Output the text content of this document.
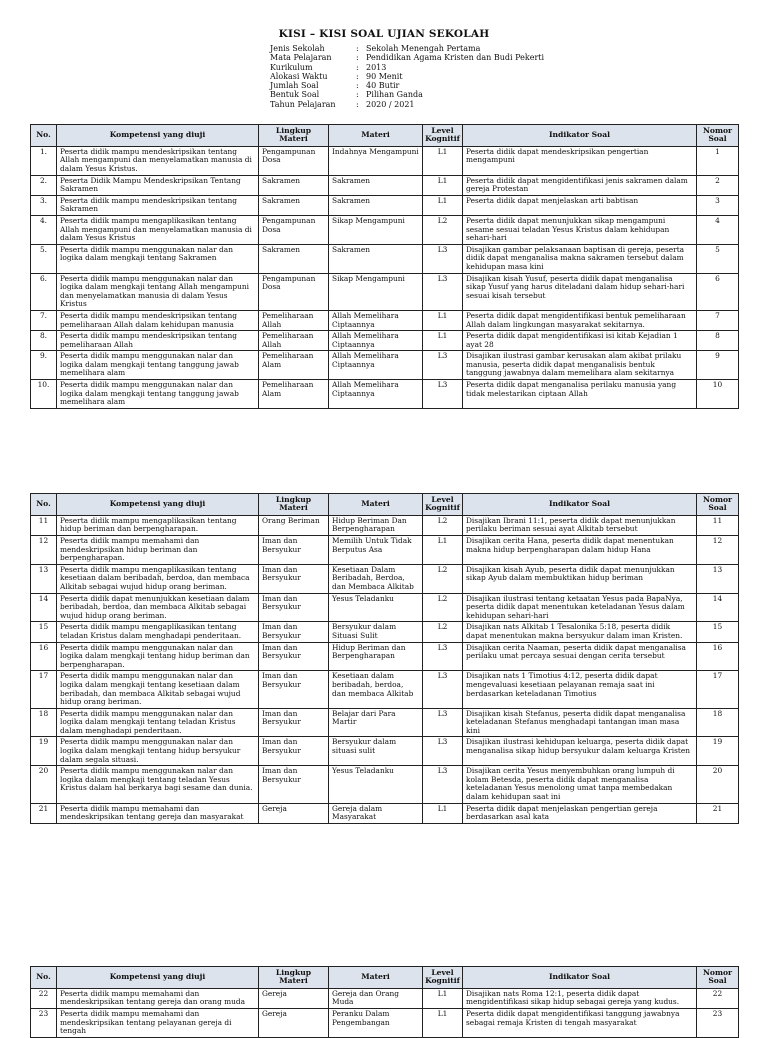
KISI – KISI SOAL UJIAN SEKOLAH
Jenis Sekolah	: Sekolah Menengah Pertama
Mata Pelajaran	: Pendidikan Agama Kristen dan Budi Pekerti
Kurikulum	: 2013
Alokasi Waktu	: 90 Menit
Jumlah Soal	: 40 Butir
Bentuk Soal	: Pilihan Ganda
Tahun Pelajaran	: 2020 / 2021
No.	Kompetensi yang diuji	Lingkup Materi	Materi	Level Kognitif	Indikator Soal	Nomor Soal
1.	Peserta didik mampu mendeskripsikan tentang Allah mengampuni dan menyelamatkan manusia di dalam Yesus Kristus.	Pengampunan Dosa	Indahnya Mengampuni	L1	Peserta didik dapat mendeskripsikan pengertian mengampuni	1
2.	Peserta Didik Mampu Mendeskripsikan Tentang Sakramen	Sakramen	Sakramen	L1	Peserta didik dapat mengidentifikasi jenis sakramen dalam gereja Protestan	2
3.	Peserta didik mampu mendeskripsikan tentang Sakramen	Sakramen	Sakramen	L1	Peserta didik dapat menjelaskan arti babtisan	3
4.	Peserta didik mampu mengaplikasikan tentang Allah mengampuni dan menyelamatkan manusia di dalam Yesus Kristus	Pengampunan Dosa	Sikap Mengampuni	L2	Peserta didik dapat menunjukkan sikap mengampuni sesame sesuai teladan Yesus Kristus dalam kehidupan sehari-hari	4
5.	Peserta didik mampu menggunakan nalar dan logika dalam mengkaji tentang Sakramen	Sakramen	Sakramen	L3	Disajikan gambar pelaksanaan baptisan di gereja, peserta didik dapat menganalisa makna sakramen tersebut dalam kehidupan masa kini	5
6.	Peserta didik mampu menggunakan nalar dan logika dalam mengkaji tentang Allah mengampuni dan menyelamatkan manusia di dalam Yesus Kristus	Pengampunan Dosa	Sikap Mengampuni	L3	Disajikan kisah Yusuf, peserta didik dapat menganalisa sikap Yusuf yang harus diteladani dalam hidup sehari-hari sesuai kisah tersebut	6
7.	Peserta didik mampu mendeskripsikan tentang pemeliharaan Allah dalam kehidupan manusia	Pemeliharaan Allah	Allah Memelihara Ciptaannya	L1	Peserta didik dapat mengidentifikasi bentuk pemeliharaan Allah dalam lingkungan masyarakat sekitarnya.	7
8.	Peserta didik mampu mendeskripsikan tentang pemeliharaan Allah	Pemeliharaan Allah	Allah Memelihara Ciptaannya	L1	Peserta didik dapat mengidentifikasi isi kitab Kejadian 1 ayat 28	8
9.	Peserta didik mampu menggunakan nalar dan logika dalam mengkaji tentang tanggung jawab memelihara alam	Pemeliharaan Alam	Allah Memelihara Ciptaannya	L3	Disajikan ilustrasi gambar kerusakan alam akibat prilaku manusia, peserta didik dapat menganalisis bentuk tanggung jawabnya dalam memelihara alam sekitarnya	9
10.	Peserta didik mampu menggunakan nalar dan logika dalam mengkaji tentang tanggung jawab memelihara alam	Pemeliharaan Alam	Allah Memelihara Ciptaannya	L3	Peserta didik dapat menganalisa perilaku manusia yang tidak melestarikan ciptaan Allah	10
No.	Kompetensi yang diuji	Lingkup Materi	Materi	Level Kognitif	Indikator Soal	Nomor Soal
11	Peserta didik mampu mengaplikasikan tentang hidup beriman dan berpengharapan.	Orang Beriman	Hidup Beriman Dan Berpengharapan	L2	Disajikan Ibrani 11:1, peserta didik dapat menunjukkan perilaku beriman sesuai ayat Alkitab tersebut	11
12	Peserta didik mampu memahami dan mendeskripsikan hidup beriman dan berpengharapan.	Iman dan Bersyukur	Memilih Untuk Tidak Berputus Asa	L1	Disajikan cerita Hana, peserta didik dapat menentukan makna hidup berpengharapan dalam hidup Hana	12
13	Peserta didik mampu mengaplikasikan tentang kesetiaan dalam beribadah, berdoa, dan membaca Alkitab sebagai wujud hidup orang beriman.	Iman dan Bersyukur	Kesetiaan Dalam Beribadah, Berdoa, dan Membaca Alkitab	L2	Disajikan kisah Ayub, peserta didik dapat menunjukkan sikap Ayub dalam membuktikan hidup beriman	13
14	Peserta didik dapat menunjukkan kesetiaan dalam beribadah, berdoa, dan membaca Alkitab sebagai wujud hidup orang beriman.	Iman dan Bersyukur	Yesus Teladanku	L2	Disajikan ilustrasi tentang ketaatan Yesus pada BapaNya, peserta didik dapat menentukan keteladanan Yesus dalam kehidupan sehari-hari	14
15	Peserta didik mampu mengaplikasikan tentang teladan Kristus dalam menghadapi penderitaan.	Iman dan Bersyukur	Bersyukur dalam Situasi Sulit	L2	Disajikan nats Alkitab 1 Tesalonika 5:18, peserta didik dapat menentukan makna bersyukur dalam iman Kristen.	15
16	Peserta didik mampu menggunakan nalar dan logika dalam mengkaji tentang hidup beriman dan berpengharapan.	Iman dan Bersyukur	Hidup Beriman dan Berpengharapan	L3	Disajikan cerita Naaman, peserta didik dapat menganalisa perilaku umat percaya sesuai dengan cerita tersebut	16
17	Peserta didik mampu menggunakan nalar dan logika dalam mengkaji tentang kesetiaan dalam beribadah, dan membaca Alkitab sebagai wujud hidup orang beriman.	Iman dan Bersyukur	Kesetiaan dalam beribadah, berdoa, dan membaca Alkitab	L3	Disajikan nats 1 Timotius 4:12, peserta didik dapat mengevaluasi kesetiaan pelayanan remaja saat ini berdasarkan keteladanan Timotius	17
18	Peserta didik mampu menggunakan nalar dan logika dalam mengkaji tentang teladan Kristus dalam menghadapi penderitaan.	Iman dan Bersyukur	Belajar dari Para Martir	L3	Disajikan kisah Stefanus, peserta didik dapat menganalisa keteladanan Stefanus menghadapi tantangan iman masa kini	18
19	Peserta didik mampu menggunakan nalar dan logika dalam mengkaji tentang hidup bersyukur dalam segala situasi.	Iman dan Bersyukur	Bersyukur dalam situasi sulit	L3	Disajikan ilustrasi kehidupan keluarga, peserta didik dapat menganalisa sikap hidup bersyukur dalam keluarga Kristen	19
20	Peserta didik mampu menggunakan nalar dan logika dalam mengkaji tentang teladan Yesus Kristus dalam hal berkarya bagi sesame dan dunia.	Iman dan Bersyukur	Yesus Teladanku	L3	Disajikan cerita Yesus menyembuhkan orang lumpuh di kolam Betesda, peserta didik dapat menganalisa keteladanan Yesus menolong umat tanpa membedakan dalam kehidupan saat ini	20
21	Peserta didik mampu memahami dan mendeskripsikan tentang gereja dan masyarakat	Gereja	Gereja dalam Masyarakat	L1	Peserta didik dapat menjelaskan pengertian gereja berdasarkan asal kata	21
No.	Kompetensi yang diuji	Lingkup Materi	Materi	Level Kognitif	Indikator Soal	Nomor Soal
22	Peserta didik mampu memahami dan mendeskripsikan tentang gereja dan orang muda	Gereja	Gereja dan Orang Muda	L1	Disajikan nats Roma 12:1, peserta didik dapat mengidentifikasi sikap hidup sebagai gereja yang kudus.	22
23	Peserta didik mampu memahami dan mendeskripsikan tentang pelayanan gereja di tengah	Gereja	Peranku Dalam Pengembangan	L1	Peserta didik dapat mengidentifikasi tanggung jawabnya sebagai remaja Kristen di tengah masyarakat	23
